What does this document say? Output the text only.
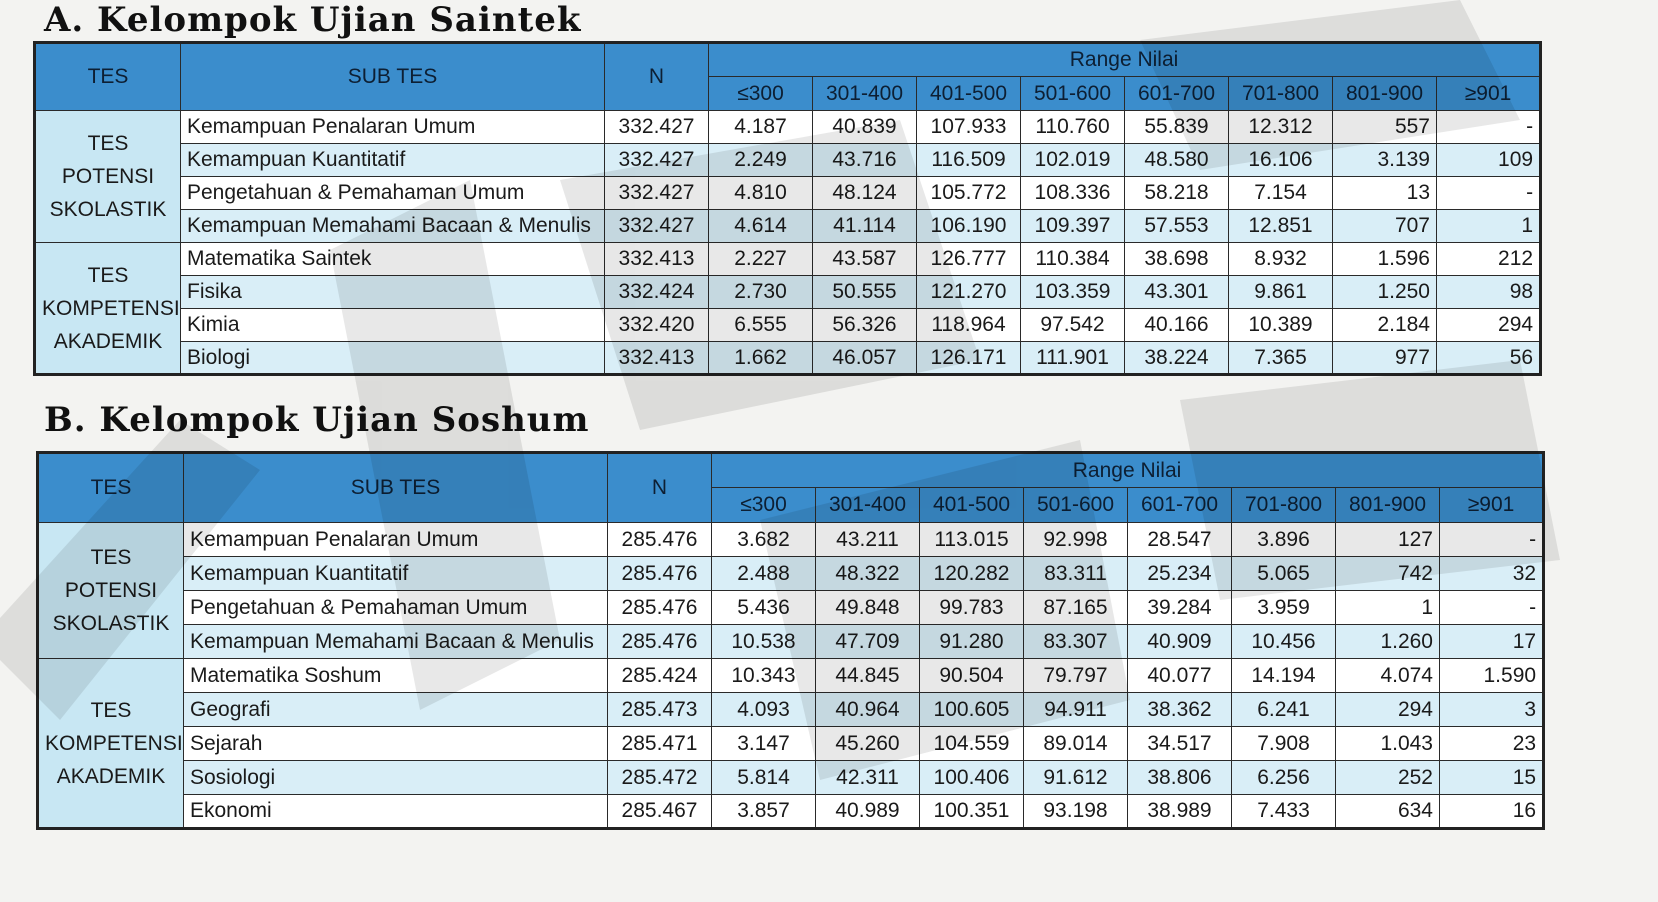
A. Kelompok Ujian Saintek
TES	SUB TES	N	Range Nilai							
			≤300	301-400	401-500	501-600	601-700	701-800	801-900	≥901
TES POTENSI SKOLASTIK	Kemampuan Penalaran Umum	332.427	4.187	40.839	107.933	110.760	55.839	12.312	557	-
	Kemampuan Kuantitatif	332.427	2.249	43.716	116.509	102.019	48.580	16.106	3.139	109
	Pengetahuan & Pemahaman Umum	332.427	4.810	48.124	105.772	108.336	58.218	7.154	13	-
	Kemampuan Memahami Bacaan & Menulis	332.427	4.614	41.114	106.190	109.397	57.553	12.851	707	1
TES KOMPETENSI AKADEMIK	Matematika Saintek	332.413	2.227	43.587	126.777	110.384	38.698	8.932	1.596	212
	Fisika	332.424	2.730	50.555	121.270	103.359	43.301	9.861	1.250	98
	Kimia	332.420	6.555	56.326	118.964	97.542	40.166	10.389	2.184	294
	Biologi	332.413	1.662	46.057	126.171	111.901	38.224	7.365	977	56
B. Kelompok Ujian Soshum
TES	SUB TES	N	Range Nilai							
			≤300	301-400	401-500	501-600	601-700	701-800	801-900	≥901
TES POTENSI SKOLASTIK	Kemampuan Penalaran Umum	285.476	3.682	43.211	113.015	92.998	28.547	3.896	127	-
	Kemampuan Kuantitatif	285.476	2.488	48.322	120.282	83.311	25.234	5.065	742	32
	Pengetahuan & Pemahaman Umum	285.476	5.436	49.848	99.783	87.165	39.284	3.959	1	-
	Kemampuan Memahami Bacaan & Menulis	285.476	10.538	47.709	91.280	83.307	40.909	10.456	1.260	17
TES KOMPETENSI AKADEMIK	Matematika Soshum	285.424	10.343	44.845	90.504	79.797	40.077	14.194	4.074	1.590
	Geografi	285.473	4.093	40.964	100.605	94.911	38.362	6.241	294	3
	Sejarah	285.471	3.147	45.260	104.559	89.014	34.517	7.908	1.043	23
	Sosiologi	285.472	5.814	42.311	100.406	91.612	38.806	6.256	252	15
	Ekonomi	285.467	3.857	40.989	100.351	93.198	38.989	7.433	634	16
